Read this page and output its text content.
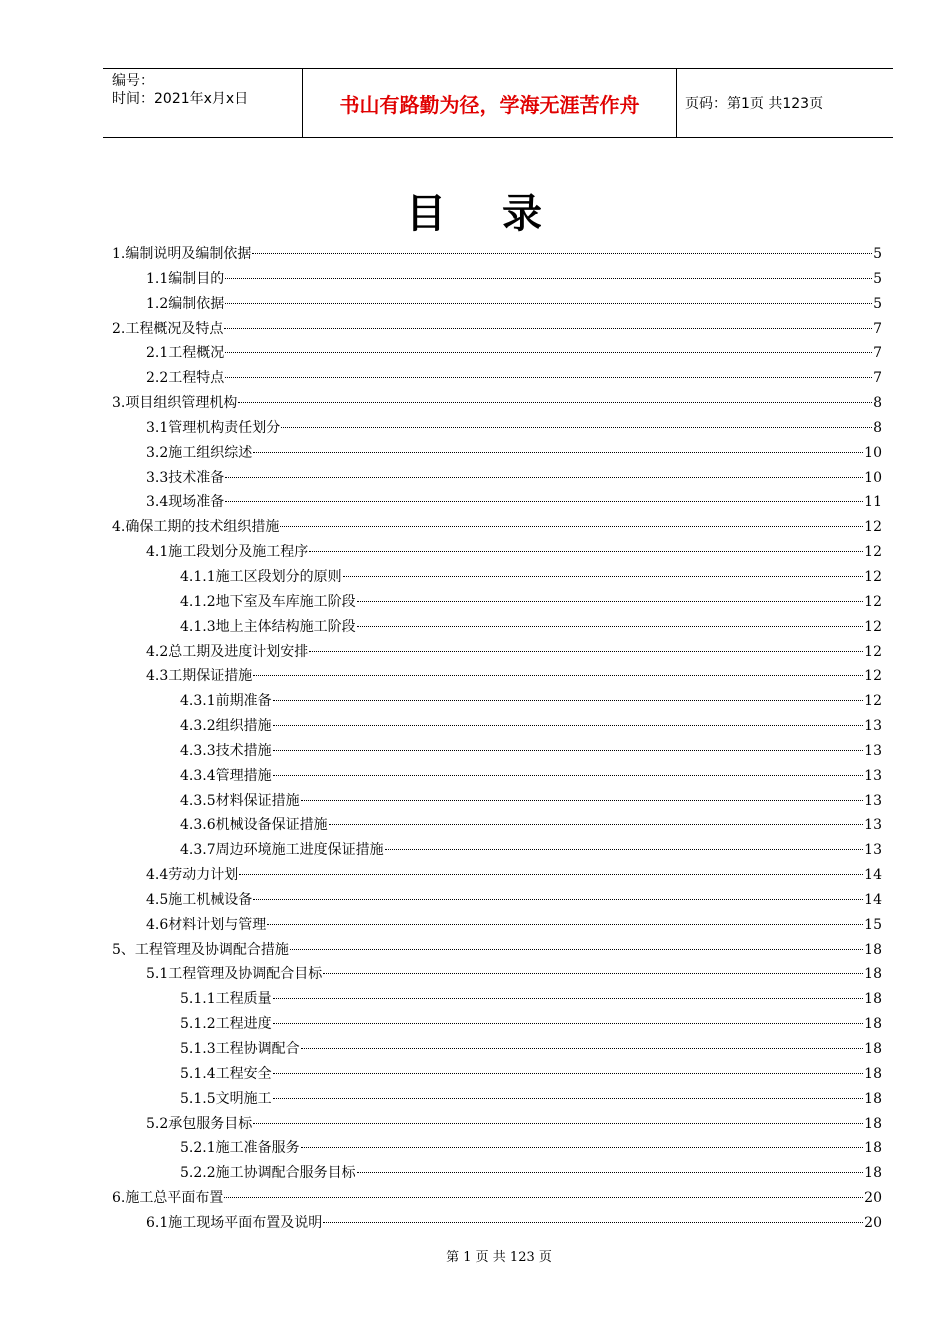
编号：
时间：2021年x月x日	书山有路勤为径，学海无涯苦作舟	页码：第1页 共123页
目 录
1.编制说明及编制依据	5
1.1编制目的	5
1.2编制依据	5
2.工程概况及特点	7
2.1工程概况	7
2.2工程特点	7
3.项目组织管理机构	8
3.1管理机构责任划分	8
3.2施工组织综述	10
3.3技术准备	10
3.4现场准备	11
4.确保工期的技术组织措施	12
4.1施工段划分及施工程序	12
4.1.1施工区段划分的原则	12
4.1.2地下室及车库施工阶段	12
4.1.3地上主体结构施工阶段	12
4.2总工期及进度计划安排	12
4.3工期保证措施	12
4.3.1前期准备	12
4.3.2组织措施	13
4.3.3技术措施	13
4.3.4管理措施	13
4.3.5材料保证措施	13
4.3.6机械设备保证措施	13
4.3.7周边环境施工进度保证措施	13
4.4劳动力计划	14
4.5施工机械设备	14
4.6材料计划与管理	15
5、工程管理及协调配合措施	18
5.1工程管理及协调配合目标	18
5.1.1工程质量	18
5.1.2工程进度	18
5.1.3工程协调配合	18
5.1.4工程安全	18
5.1.5文明施工	18
5.2承包服务目标	18
5.2.1施工准备服务	18
5.2.2施工协调配合服务目标	18
6.施工总平面布置	20
6.1施工现场平面布置及说明	20
第 1 页 共 123 页
